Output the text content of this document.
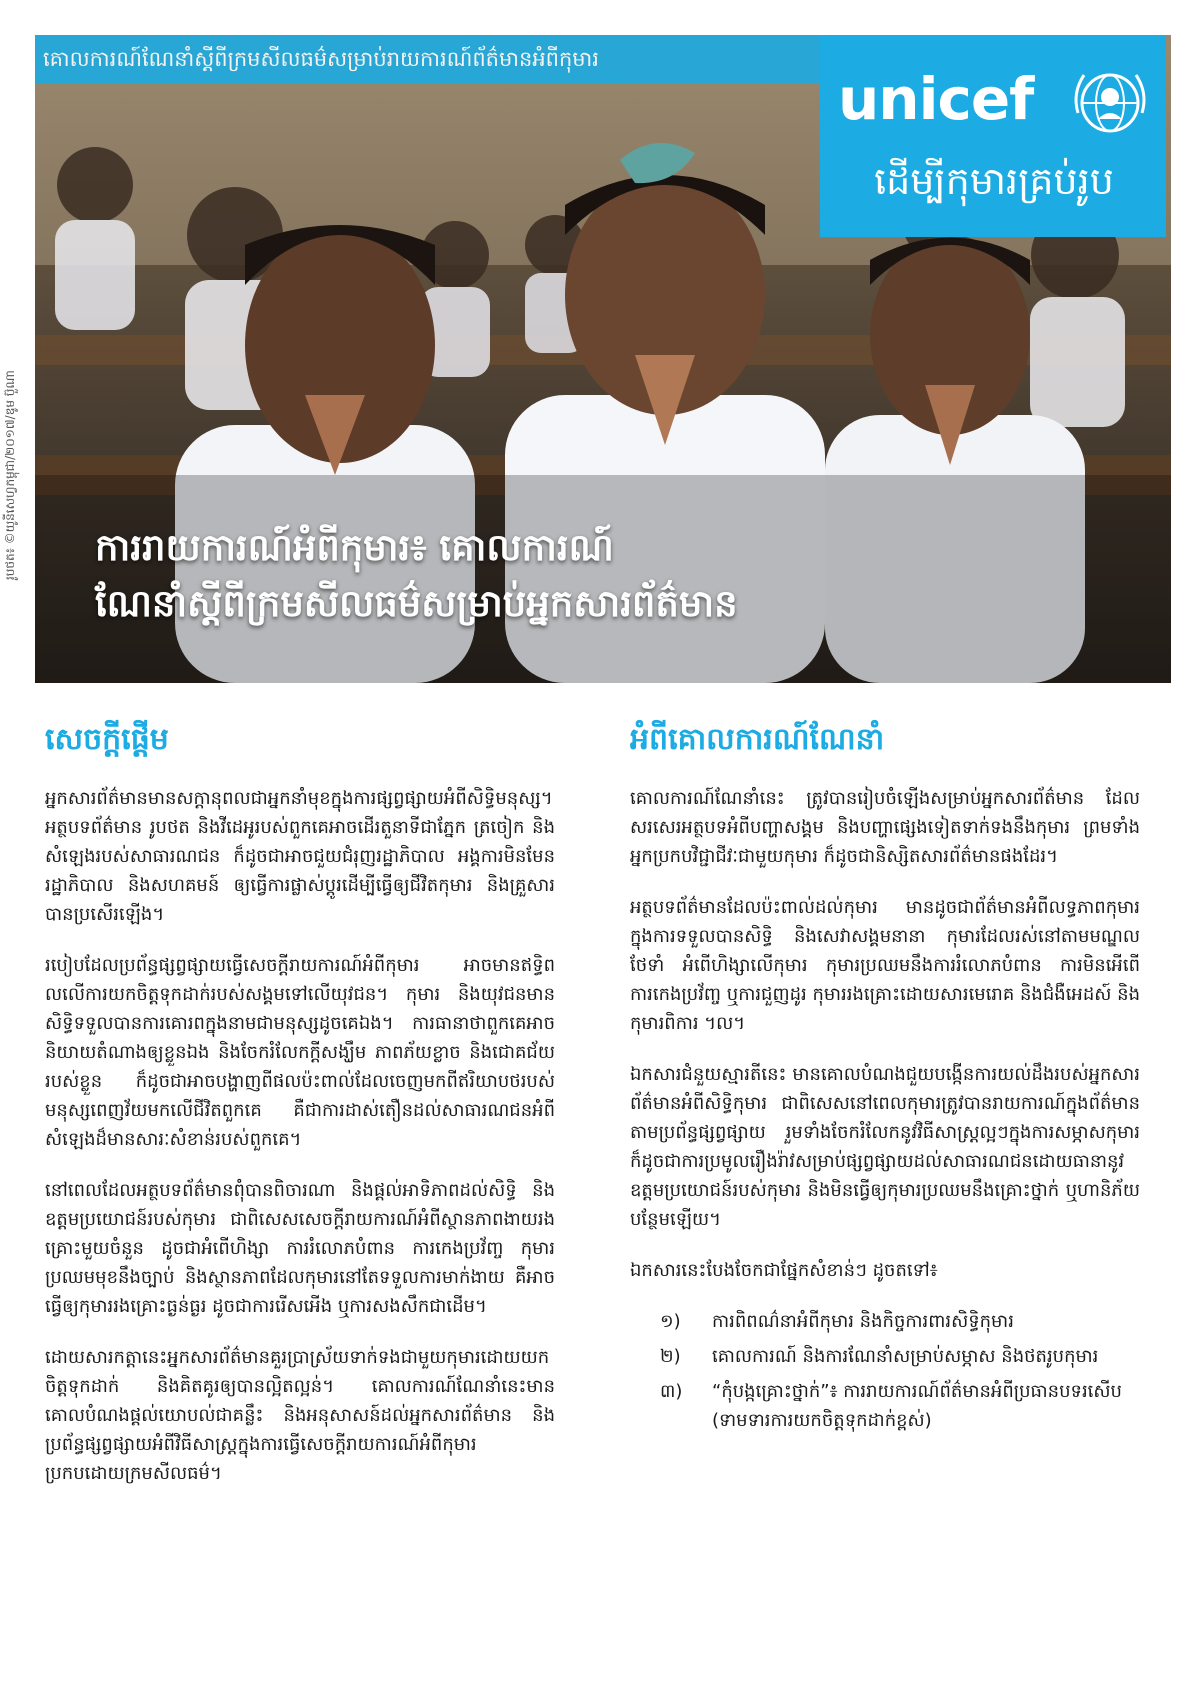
គោលការណ៍ណែនាំស្តីពីក្រមសីលធម៌សម្រាប់រាយការណ៍ព័ត៌មានអំពីកុមារ
unicef
ដើម្បីកុមារគ្រប់រូប
រូបថត៖ ©យូនីសេហ្វកម្ពុជា/២០១៧/ឌូម ប៊ួណា ការរាយការណ៍អំពីកុមារ៖ គោលការណ៍
ណែនាំស្តីពីក្រមសីលធម៌សម្រាប់អ្នកសារព័ត៌មាន
សេចក្តីផ្តើម

អ្នកសារព័ត៌មានមានសក្តានុពលជាអ្នកនាំមុខក្នុងការផ្សព្វផ្សាយអំពីសិទ្ធិមនុស្ស។ អត្ថបទព័ត៌មាន រូបថត និងវីដេអូរបស់ពួកគេអាចដើរតួនាទីជាភ្នែក ត្រចៀក និងសំឡេងរបស់សាធារណជន ក៏ដូចជាអាចជួយជំរុញរដ្ឋាភិបាល អង្គការមិនមែនរដ្ឋាភិបាល និងសហគមន៍ ឲ្យធ្វើការផ្លាស់ប្តូរដើម្បីធ្វើឲ្យជីវិតកុមារ និងគ្រួសារបានប្រសើរឡើង។

របៀបដែលប្រព័ន្ធផ្សព្វផ្សាយធ្វើសេចក្តីរាយការណ៍អំពីកុមារ អាចមានឥទ្ធិពលលើការយកចិត្តទុកដាក់របស់សង្គមទៅលើយុវជន។ កុមារ និងយុវជនមានសិទ្ធិទទួលបានការគោរពក្នុងនាមជាមនុស្សដូចគេឯង។ ការធានាថាពួកគេអាចនិយាយតំណាងឲ្យខ្លួនឯង និងចែករំលែកក្តីសង្ឃឹម ភាពភ័យខ្លាច និងជោគជ័យរបស់ខ្លួន ក៏ដូចជាអាចបង្ហាញពីផលប៉ះពាល់ដែលចេញមកពីឥរិយាបថរបស់មនុស្សពេញវ័យមកលើជីវិតពួកគេ គឺជាការដាស់តឿនដល់សាធារណជនអំពីសំឡេងដ៏មានសារៈសំខាន់របស់ពួកគេ។

នៅពេលដែលអត្ថបទព័ត៌មានពុំបានពិចារណា និងផ្តល់អាទិភាពដល់សិទ្ធិ និងឧត្តមប្រយោជន៍របស់កុមារ ជាពិសេសសេចក្តីរាយការណ៍អំពីស្ថានភាពងាយរងគ្រោះមួយចំនួន ដូចជាអំពើហិង្សា ការរំលោភបំពាន ការកេងប្រវ័ញ្ច កុមារប្រឈមមុខនឹងច្បាប់ និងស្ថានភាពដែលកុមារនៅតែទទួលការមាក់ងាយ គឺអាចធ្វើឲ្យកុមាររងគ្រោះធ្ងន់ធ្ងរ ដូចជាការរើសអើង ឬការសងសឹកជាដើម។

ដោយសារកត្តានេះអ្នកសារព័ត៌មានគួរប្រាស្រ័យទាក់ទងជាមួយកុមារដោយយកចិត្តទុកដាក់ និងគិតគូរឲ្យបានល្អិតល្អន់។ គោលការណ៍ណែនាំនេះមានគោលបំណងផ្តល់យោបល់ជាគន្លឹះ និងអនុសាសន៍ដល់អ្នកសារព័ត៌មាន និងប្រព័ន្ធផ្សព្វផ្សាយអំពីវិធីសាស្ត្រក្នុងការធ្វើសេចក្តីរាយការណ៍អំពីកុមារប្រកបដោយក្រមសីលធម៌។

អំពីគោលការណ៍ណែនាំ

គោលការណ៍ណែនាំនេះ ត្រូវបានរៀបចំឡើងសម្រាប់អ្នកសារព័ត៌មាន ដែលសរសេរអត្ថបទអំពីបញ្ហាសង្គម និងបញ្ហាផ្សេងទៀតទាក់ទងនឹងកុមារ ព្រមទាំងអ្នកប្រកបវិជ្ជាជីវៈជាមួយកុមារ ក៏ដូចជានិស្សិតសារព័ត៌មានផងដែរ។

អត្ថបទព័ត៌មានដែលប៉ះពាល់ដល់កុមារ មានដូចជាព័ត៌មានអំពីលទ្ធភាពកុមារក្នុងការទទួលបានសិទ្ធិ និងសេវាសង្គមនានា កុមារដែលរស់នៅតាមមណ្ឌលថែទាំ អំពើហិង្សាលើកុមារ កុមារប្រឈមនឹងការរំលោភបំពាន ការមិនអើពើ ការកេងប្រវ័ញ្ច ឬការជួញដូរ កុមាររងគ្រោះដោយសារមេរោគ និងជំងឺអេដស៍ និងកុមារពិការ ។ល។

ឯកសារជំនួយស្មារតីនេះ មានគោលបំណងជួយបង្កើនការយល់ដឹងរបស់អ្នកសារព័ត៌មានអំពីសិទ្ធិកុមារ ជាពិសេសនៅពេលកុមារត្រូវបានរាយការណ៍ក្នុងព័ត៌មាន តាមប្រព័ន្ធផ្សព្វផ្សាយ រួមទាំងចែករំលែកនូវវិធីសាស្ត្រល្អៗក្នុងការសម្ភាសកុមារ ក៏ដូចជាការប្រមូលរឿងរ៉ាវសម្រាប់ផ្សព្វផ្សាយដល់សាធារណជនដោយធានានូវឧត្តមប្រយោជន៍របស់កុមារ និងមិនធ្វើឲ្យកុមារប្រឈមនឹងគ្រោះថ្នាក់ ឬហានិភ័យបន្ថែមឡើយ។

ឯកសារនេះបែងចែកជាផ្នែកសំខាន់ៗ ដូចតទៅ៖

១)	ការពិពណ៌នាអំពីកុមារ និងកិច្ចការពារសិទ្ធិកុមារ
២)	គោលការណ៍ និងការណែនាំសម្រាប់សម្ភាស និងថតរូបកុមារ
៣)	“កុំបង្កគ្រោះថ្នាក់”៖ ការរាយការណ៍ព័ត៌មានអំពីប្រធានបទរសើប (ទាមទារការយកចិត្តទុកដាក់ខ្ពស់)
